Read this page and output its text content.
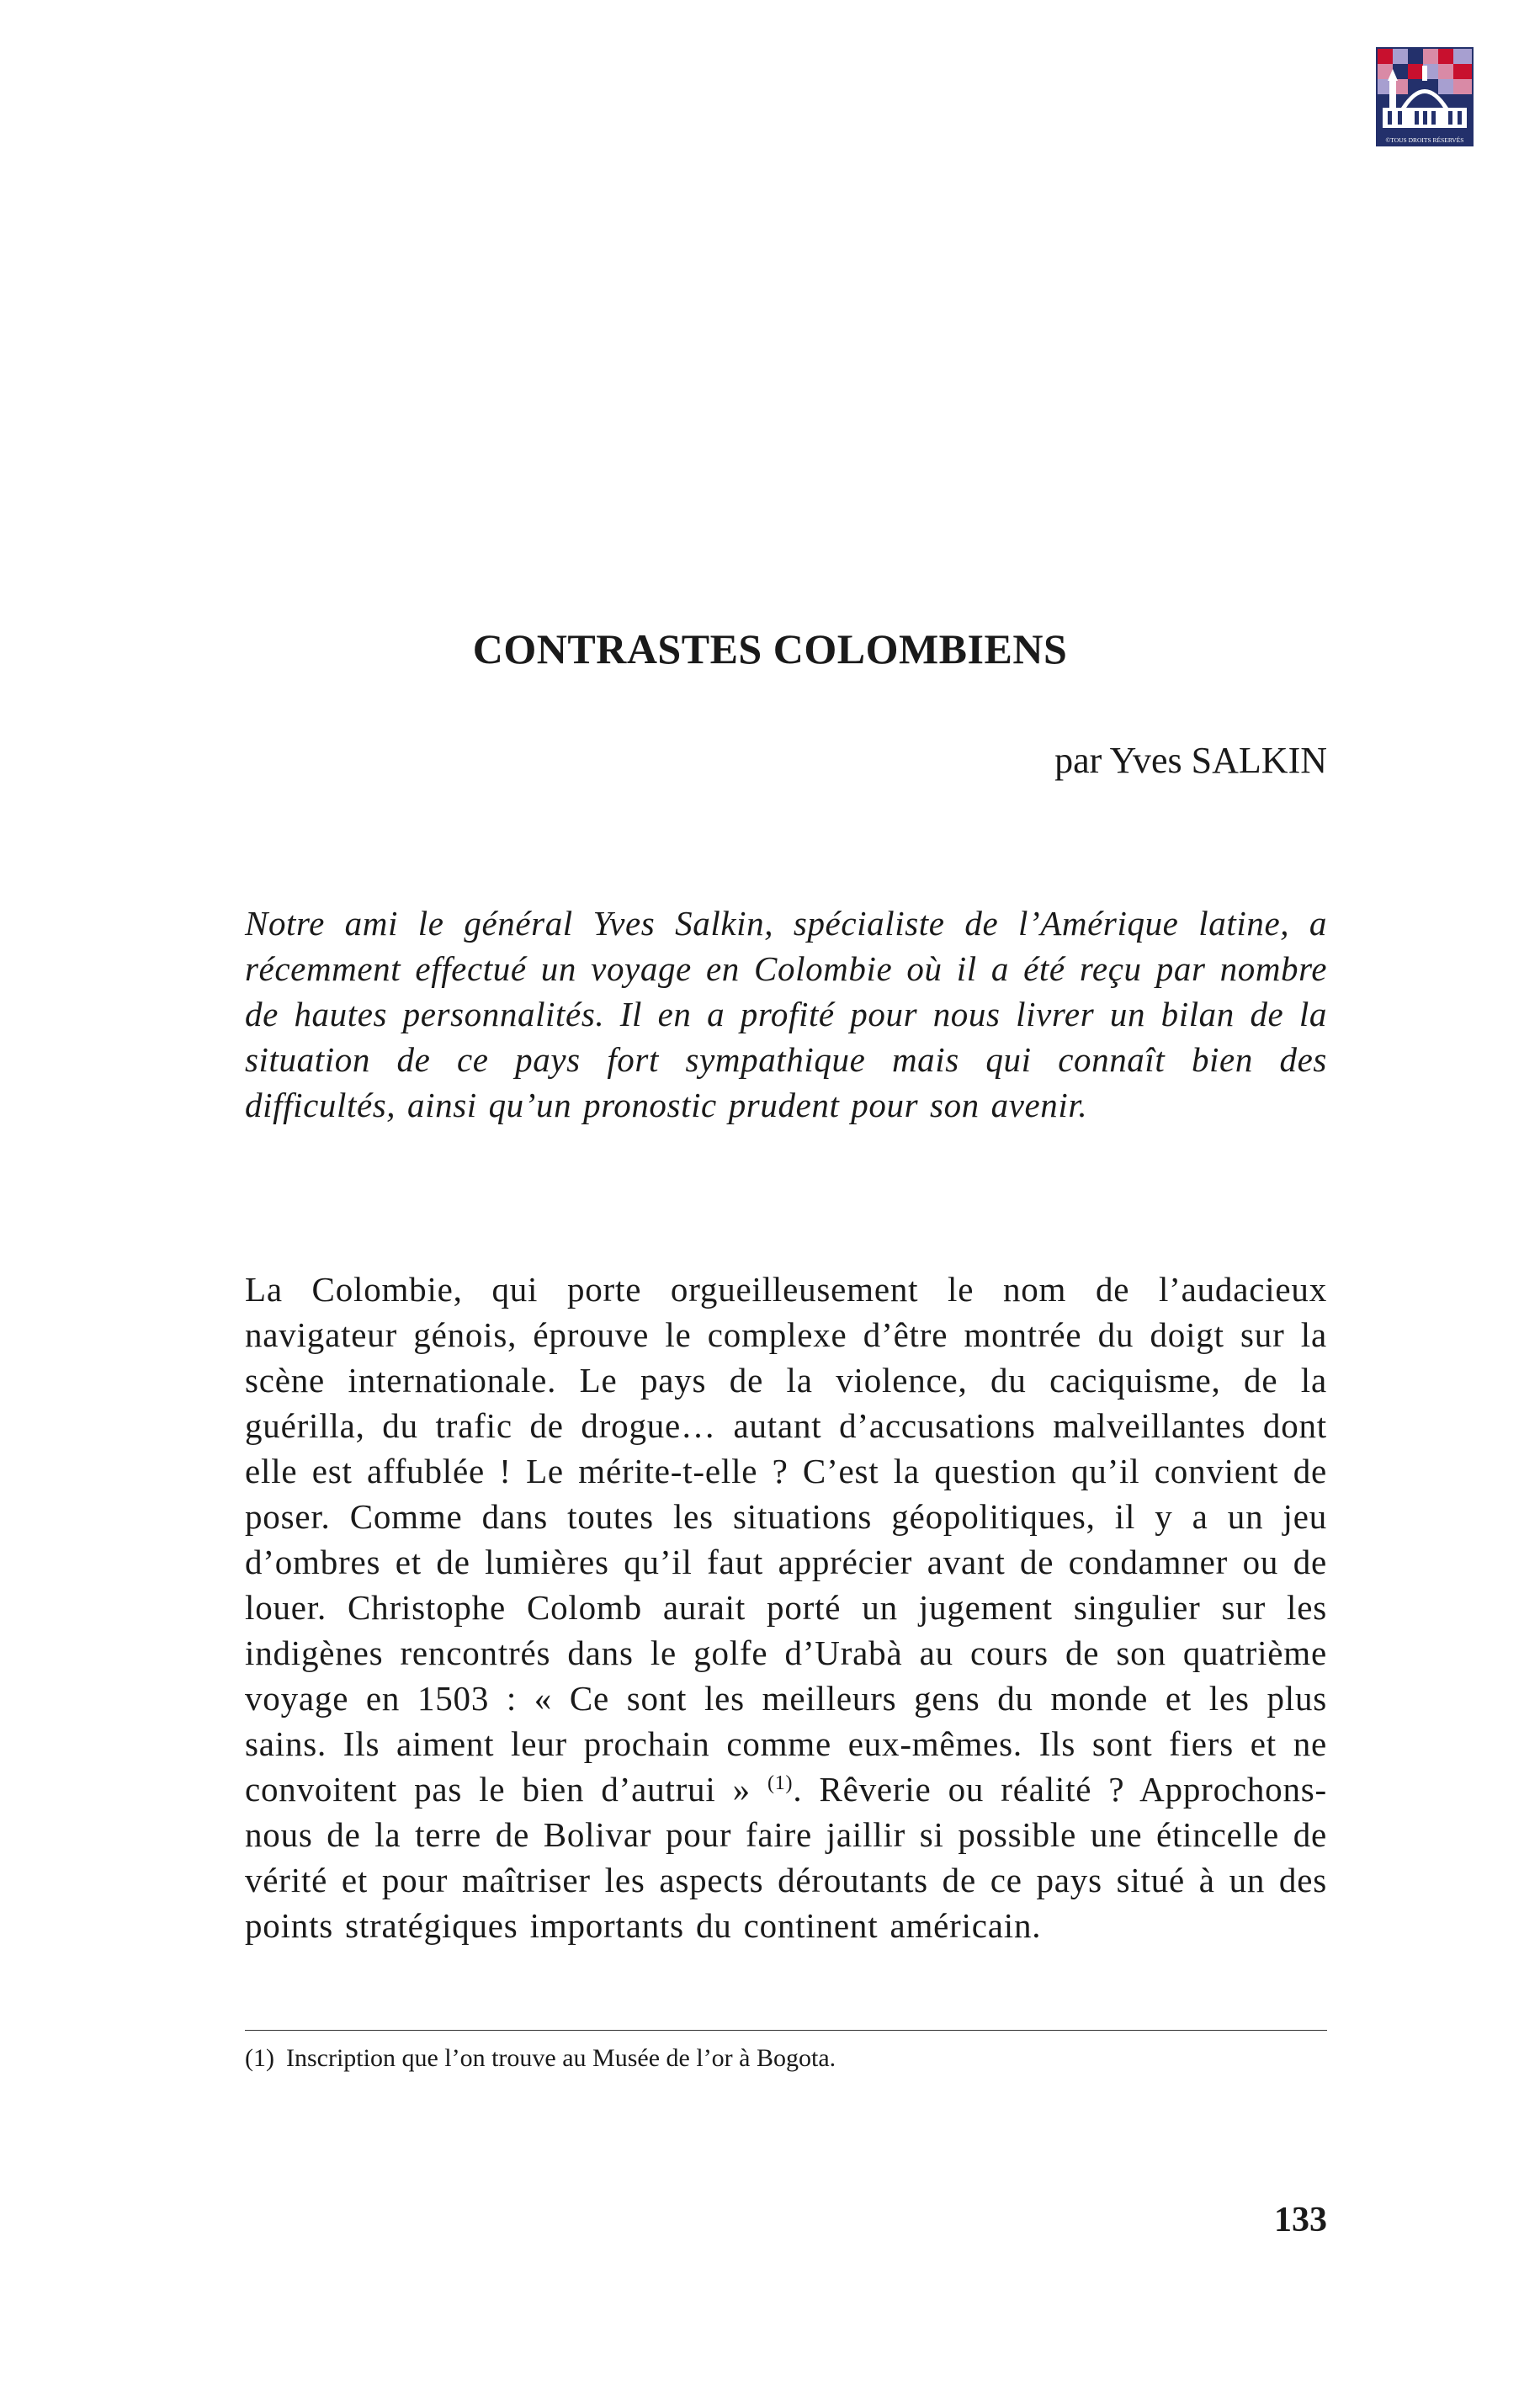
©TOUS DROITS RÉSERVÉS
CONTRASTES COLOMBIENS

par Yves SALKIN

Notre ami le général Yves Salkin, spécialiste de l’Amérique latine, a récemment effectué un voyage en Colombie où il a été reçu par nombre de hautes personnalités. Il en a profité pour nous livrer un bilan de la situation de ce pays fort sympathique mais qui connaît bien des difficultés, ainsi qu’un pronostic prudent pour son avenir.

La Colombie, qui porte orgueilleusement le nom de l’audacieux navigateur génois, éprouve le complexe d’être montrée du doigt sur la scène internationale. Le pays de la violence, du caciquisme, de la guérilla, du trafic de drogue… autant d’accusations malveillantes dont elle est affublée ! Le mérite-t-elle ? C’est la question qu’il convient de poser. Comme dans toutes les situations géopolitiques, il y a un jeu d’ombres et de lumières qu’il faut apprécier avant de condamner ou de louer. Christophe Colomb aurait porté un jugement singulier sur les indigènes rencontrés dans le golfe d’Urabà au cours de son quatrième voyage en 1503 : « Ce sont les meilleurs gens du monde et les plus sains. Ils aiment leur prochain comme eux-mêmes. Ils sont fiers et ne convoitent pas le bien d’autrui » $^{(1)}$. Rêverie ou réalité ? Approchons-nous de la terre de Bolivar pour faire jaillir si possible une étincelle de vérité et pour maîtriser les aspects déroutants de ce pays situé à un des points stratégiques importants du continent américain.

(1) Inscription que l’on trouve au Musée de l’or à Bogota.

133
